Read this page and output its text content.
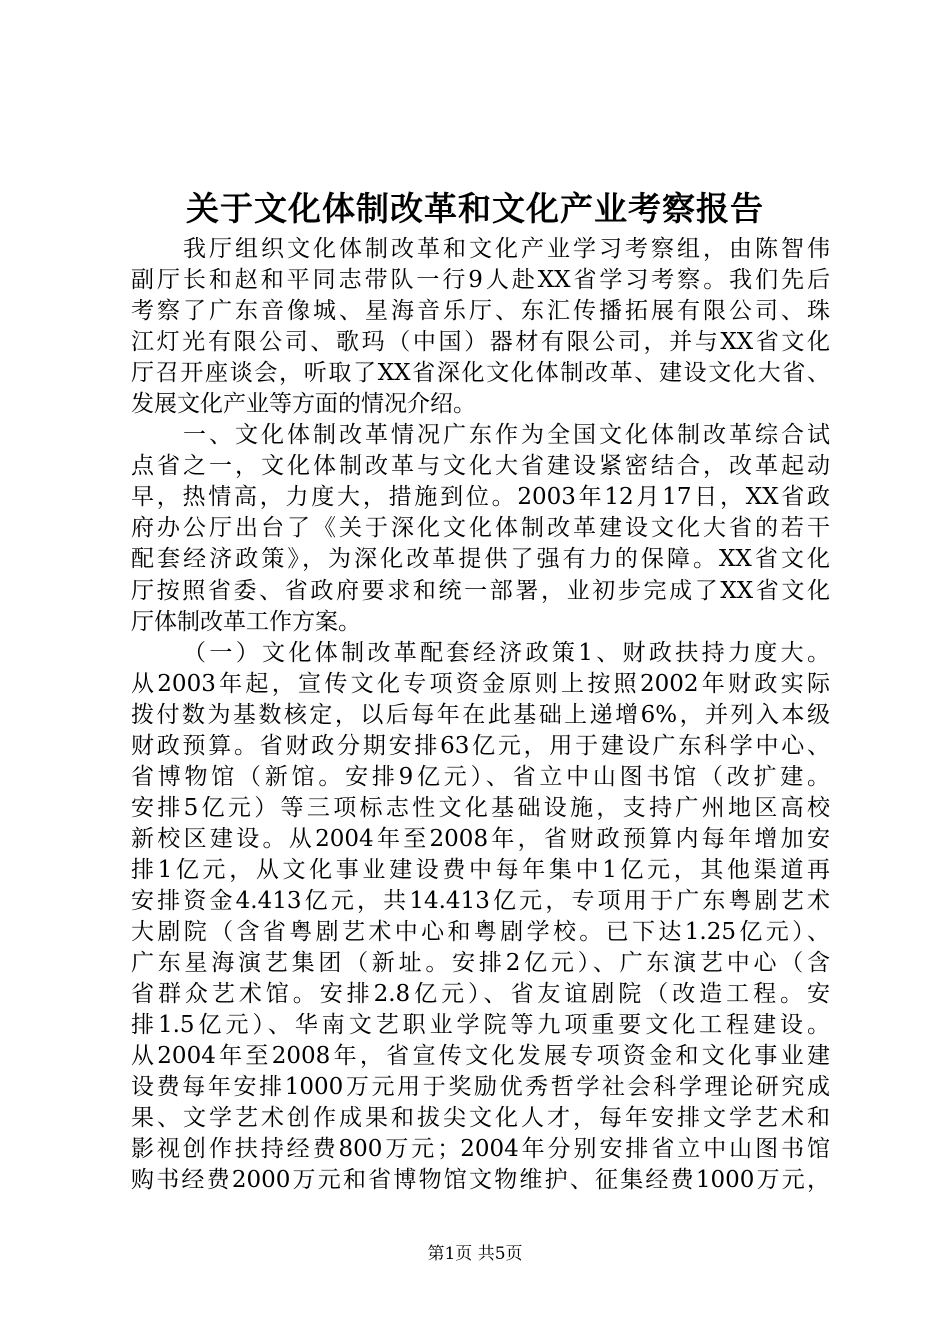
关于文化体制改革和文化产业考察报告
我厅组织文化体制改革和文化产业学习考察组，由陈智伟
副厅长和赵和平同志带队一行9人赴XX省学习考察。我们先后
考察了广东音像城、星海音乐厅、东汇传播拓展有限公司、珠
江灯光有限公司、歌玛（中国）器材有限公司，并与XX省文化
厅召开座谈会，听取了XX省深化文化体制改革、建设文化大省、
发展文化产业等方面的情况介绍。
一、文化体制改革情况广东作为全国文化体制改革综合试
点省之一，文化体制改革与文化大省建设紧密结合，改革起动
早，热情高，力度大，措施到位。2003年12月17日，XX省政
府办公厅出台了《关于深化文化体制改革建设文化大省的若干
配套经济政策》，为深化改革提供了强有力的保障。XX省文化
厅按照省委、省政府要求和统一部署，业初步完成了XX省文化
厅体制改革工作方案。
（一）文化体制改革配套经济政策1、财政扶持力度大。
从2003年起，宣传文化专项资金原则上按照2002年财政实际
拨付数为基数核定，以后每年在此基础上递增6%，并列入本级
财政预算。省财政分期安排63亿元，用于建设广东科学中心、
省博物馆（新馆。安排9亿元）、省立中山图书馆（改扩建。
安排5亿元）等三项标志性文化基础设施，支持广州地区高校
新校区建设。从2004年至2008年，省财政预算内每年增加安
排1亿元，从文化事业建设费中每年集中1亿元，其他渠道再
安排资金4.413亿元，共14.413亿元，专项用于广东粤剧艺术
大剧院（含省粤剧艺术中心和粤剧学校。已下达1.25亿元）、
广东星海演艺集团（新址。安排2亿元）、广东演艺中心（含
省群众艺术馆。安排2.8亿元）、省友谊剧院（改造工程。安
排1.5亿元）、华南文艺职业学院等九项重要文化工程建设。
从2004年至2008年，省宣传文化发展专项资金和文化事业建
设费每年安排1000万元用于奖励优秀哲学社会科学理论研究成
果、文学艺术创作成果和拔尖文化人才，每年安排文学艺术和
影视创作扶持经费800万元；2004年分别安排省立中山图书馆
购书经费2000万元和省博物馆文物维护、征集经费1000万元，
第1页 共5页
